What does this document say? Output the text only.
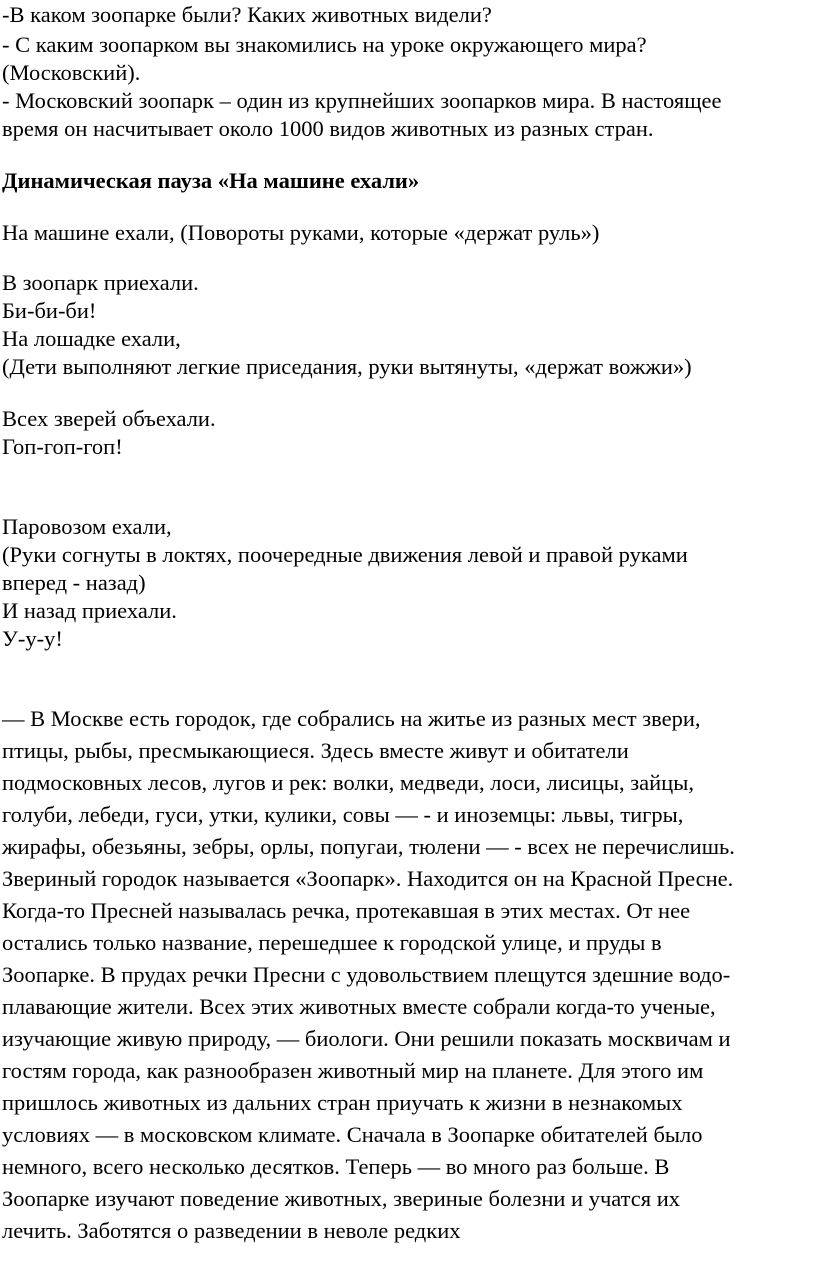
-В каком зоопарке были? Каких животных видели?
- С каким зоопарком вы знакомились на уроке окружающего мира?
(Московский).
- Московский зоопарк – один из крупнейших зоопарков мира. В настоящее
время он насчитывает около 1000 видов животных из разных стран.
Динамическая пауза «На машине ехали»
На машине ехали, (Повороты руками, которые «держат руль»)
В зоопарк приехали.
Би-би-би!
На лошадке ехали,
(Дети выполняют легкие приседания, руки вытянуты, «держат вожжи»)
Всех зверей объехали.
Гоп-гоп-гоп!
Паровозом ехали,
(Руки согнуты в локтях, поочередные движения левой и правой руками
вперед - назад)
И назад приехали.
У-у-у!
— В Москве есть городок, где собрались на житье из разных мест звери,
птицы, рыбы, пресмыкающиеся. Здесь вместе живут и обитатели
подмосковных лесов, лугов и рек: волки, медведи, лоси, лисицы, зайцы,
голуби, лебеди, гуси, утки, кулики, совы — - и иноземцы: львы, тигры,
жирафы, обезьяны, зебры, орлы, попугаи, тюлени — - всех не перечислишь.
Звериный городок называется «Зоопарк». Находится он на Красной Пресне.
Когда-то Пресней называлась речка, протекавшая в этих местах. От нее
остались только название, перешедшее к городской улице, и пруды в
Зоопарке. В прудах речки Пресни с удовольствием плещутся здешние водо-
плавающие жители. Всех этих животных вместе собрали когда-то ученые,
изучающие живую природу, — биологи. Они решили показать москвичам и
гостям города, как разнообразен животный мир на планете. Для этого им
пришлось животных из дальних стран приучать к жизни в незнакомых
условиях — в московском климате. Сначала в Зоопарке обитателей было
немного, всего несколько десятков. Теперь — во много раз больше. В
Зоопарке изучают поведение животных, звериные болезни и учатся их
лечить. Заботятся о разведении в неволе редких
